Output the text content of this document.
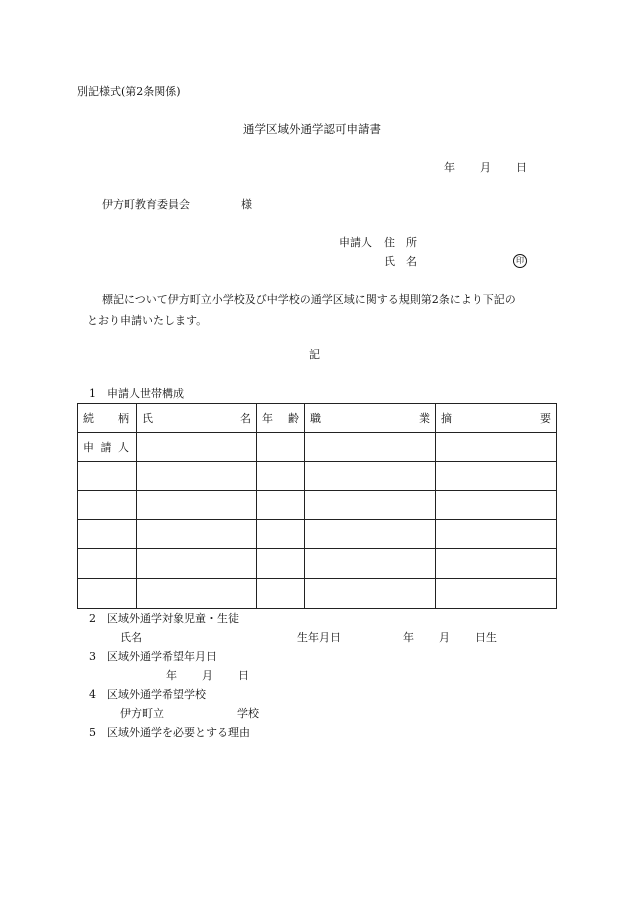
別記様式(第2条関係)
通学区域外通学認可申請書
年 月 日
伊方町教育委員会	様
申請人 住　所
氏　名	印
標記について伊方町立小学校及び中学校の通学区域に関する規則第2条により下記の
とおり申請いたします。
記
1 申請人世帯構成
続 柄	氏 名	年 齢	職 業	摘 要

申 請 人				

2 区域外通学対象児童・生徒
氏名	生年月日	年 月 日生
3 区域外通学希望年月日
年 月 日
4 区域外通学希望学校
伊方町立	学校
5 区域外通学を必要とする理由
